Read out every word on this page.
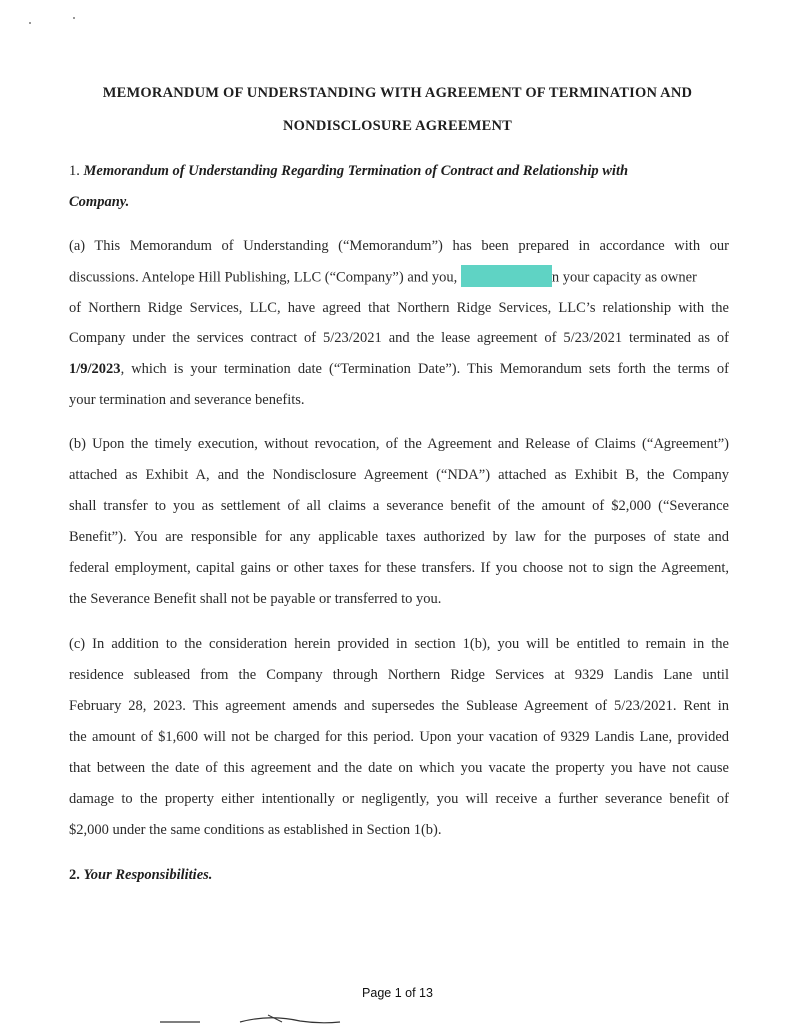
MEMORANDUM OF UNDERSTANDING WITH AGREEMENT OF TERMINATION AND
NONDISCLOSURE AGREEMENT
1. Memorandum of Understanding Regarding Termination of Contract and Relationship with
Company.
(a) This Memorandum of Understanding (“Memorandum”) has been prepared in accordance with our
discussions. Antelope Hill Publishing, LLC (“Company”) and you,	n your capacity as owner
of Northern Ridge Services, LLC, have agreed that Northern Ridge Services, LLC’s relationship with the
Company under the services contract of 5/23/2021 and the lease agreement of 5/23/2021 terminated as of
1/9/2023, which is your termination date (“Termination Date”). This Memorandum sets forth the terms of
your termination and severance benefits.
(b) Upon the timely execution, without revocation, of the Agreement and Release of Claims (“Agreement”)
attached as Exhibit A, and the Nondisclosure Agreement (“NDA”) attached as Exhibit B, the Company
shall transfer to you as settlement of all claims a severance benefit of the amount of $2,000 (“Severance
Benefit”). You are responsible for any applicable taxes authorized by law for the purposes of state and
federal employment, capital gains or other taxes for these transfers. If you choose not to sign the Agreement,
the Severance Benefit shall not be payable or transferred to you.
(c) In addition to the consideration herein provided in section 1(b), you will be entitled to remain in the
residence subleased from the Company through Northern Ridge Services at 9329 Landis Lane until
February 28, 2023. This agreement amends and supersedes the Sublease Agreement of 5/23/2021. Rent in
the amount of $1,600 will not be charged for this period. Upon your vacation of 9329 Landis Lane, provided
that between the date of this agreement and the date on which you vacate the property you have not cause
damage to the property either intentionally or negligently, you will receive a further severance benefit of
$2,000 under the same conditions as established in Section 1(b).
2. Your Responsibilities.
Page 1 of 13
